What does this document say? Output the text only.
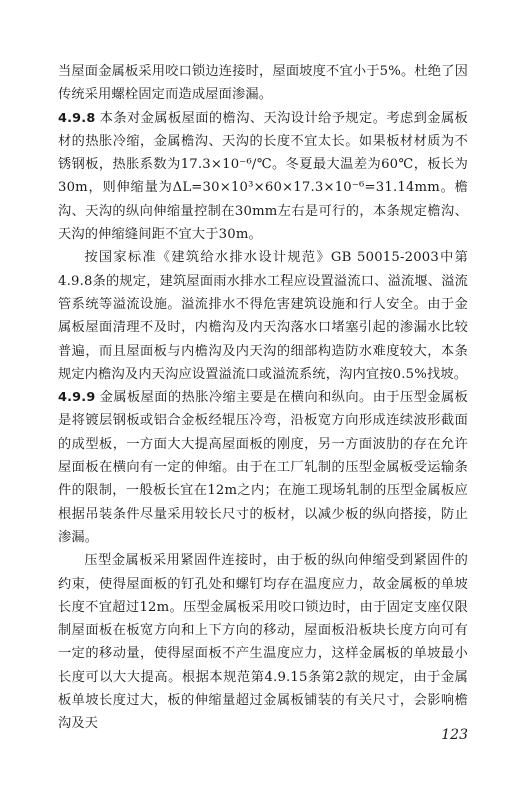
当屋面金属板采用咬口锁边连接时，屋面坡度不宜小于5%。杜绝了因传统采用螺栓固定而造成屋面渗漏。

4.9.8 本条对金属板屋面的檐沟、天沟设计给予规定。考虑到金属板材的热胀冷缩，金属檐沟、天沟的长度不宜太长。如果板材材质为不锈钢板，热胀系数为17.3×10⁻⁶/℃。冬夏最大温差为60℃，板长为30m，则伸缩量为ΔL=30×10³×60×17.3×10⁻⁶=31.14mm。檐沟、天沟的纵向伸缩量控制在30mm左右是可行的，本条规定檐沟、天沟的伸缩缝间距不宜大于30m。

按国家标准《建筑给水排水设计规范》GB 50015-2003中第4.9.8条的规定，建筑屋面雨水排水工程应设置溢流口、溢流堰、溢流管系统等溢流设施。溢流排水不得危害建筑设施和行人安全。由于金属板屋面清理不及时，内檐沟及内天沟落水口堵塞引起的渗漏水比较普遍，而且屋面板与内檐沟及内天沟的细部构造防水难度较大，本条规定内檐沟及内天沟应设置溢流口或溢流系统，沟内宜按0.5%找坡。

4.9.9 金属板屋面的热胀冷缩主要是在横向和纵向。由于压型金属板是将镀层钢板或铝合金板经辊压冷弯，沿板宽方向形成连续波形截面的成型板，一方面大大提高屋面板的刚度，另一方面波肋的存在允许屋面板在横向有一定的伸缩。由于在工厂轧制的压型金属板受运输条件的限制，一般板长宜在12m之内；在施工现场轧制的压型金属板应根据吊装条件尽量采用较长尺寸的板材，以减少板的纵向搭接，防止渗漏。

压型金属板采用紧固件连接时，由于板的纵向伸缩受到紧固件的约束，使得屋面板的钉孔处和螺钉均存在温度应力，故金属板的单坡长度不宜超过12m。压型金属板采用咬口锁边时，由于固定支座仅限制屋面板在板宽方向和上下方向的移动，屋面板沿板块长度方向可有一定的移动量，使得屋面板不产生温度应力，这样金属板的单坡最小长度可以大大提高。根据本规范第4.9.15条第2款的规定，由于金属板单坡长度过大，板的伸缩量超过金属板铺装的有关尺寸，会影响檐沟及天

123
